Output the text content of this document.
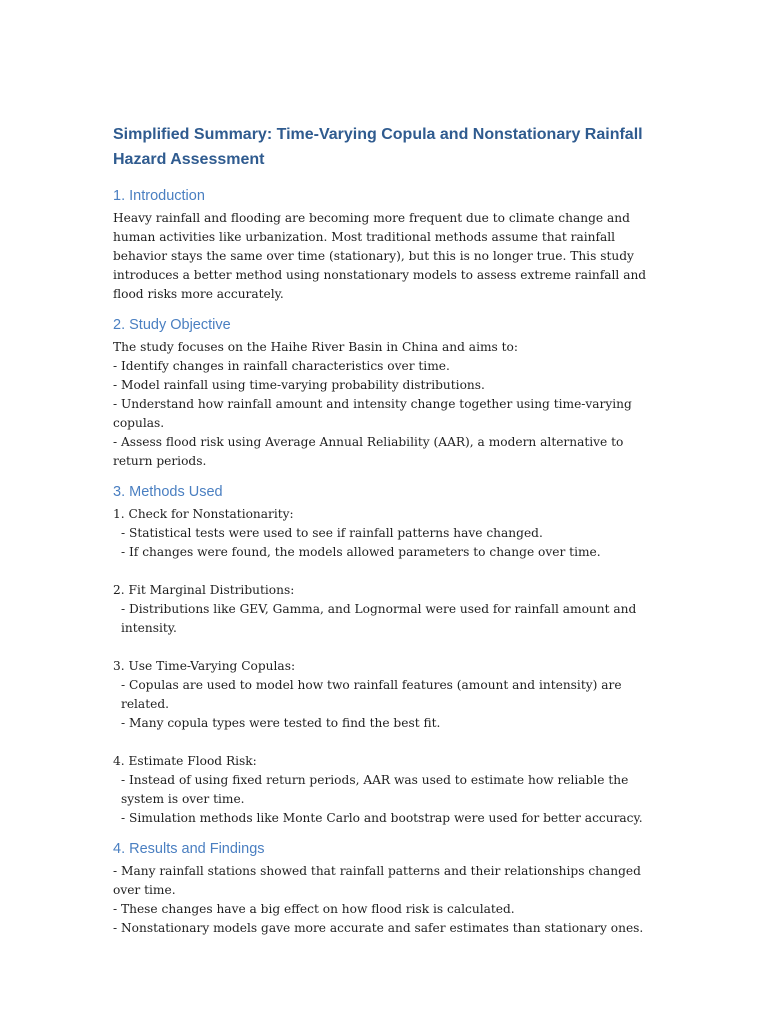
Simplified Summary: Time-Varying Copula and Nonstationary Rainfall Hazard Assessment
1. Introduction

Heavy rainfall and flooding are becoming more frequent due to climate change and human activities like urbanization. Most traditional methods assume that rainfall behavior stays the same over time (stationary), but this is no longer true. This study introduces a better method using nonstationary models to assess extreme rainfall and flood risks more accurately.

2. Study Objective
The study focuses on the Haihe River Basin in China and aims to:
- Identify changes in rainfall characteristics over time.
- Model rainfall using time-varying probability distributions.
- Understand how rainfall amount and intensity change together using time-varying copulas.
- Assess flood risk using Average Annual Reliability (AAR), a modern alternative to return periods.
3. Methods Used
1. Check for Nonstationarity:
- Statistical tests were used to see if rainfall patterns have changed.
- If changes were found, the models allowed parameters to change over time.
2. Fit Marginal Distributions:
- Distributions like GEV, Gamma, and Lognormal were used for rainfall amount and intensity.
3. Use Time-Varying Copulas:
- Copulas are used to model how two rainfall features (amount and intensity) are related.
- Many copula types were tested to find the best fit.
4. Estimate Flood Risk:
- Instead of using fixed return periods, AAR was used to estimate how reliable the system is over time.
- Simulation methods like Monte Carlo and bootstrap were used for better accuracy.
4. Results and Findings
- Many rainfall stations showed that rainfall patterns and their relationships changed over time.
- These changes have a big effect on how flood risk is calculated.
- Nonstationary models gave more accurate and safer estimates than stationary ones.
